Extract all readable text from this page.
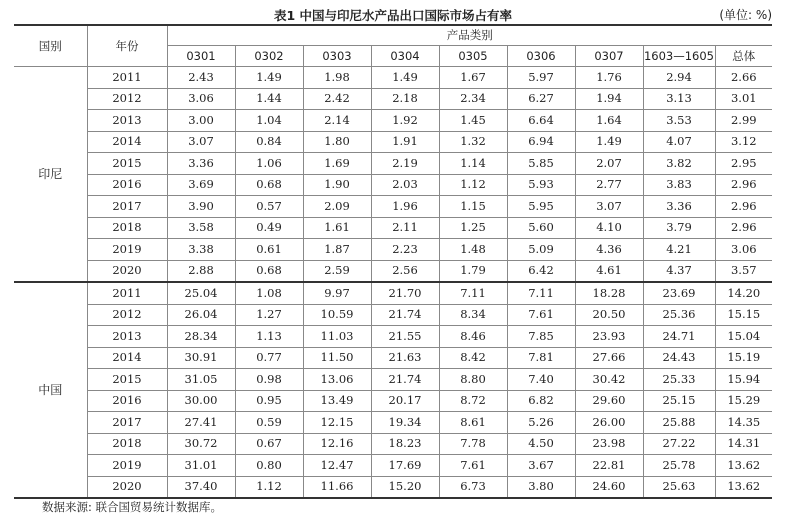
表1 中国与印尼水产品出口国际市场占有率	(单位: %)
国别	年份	产品类别								
		0301	0302	0303	0304	0305	0306	0307	1603—1605	总体
印尼	2011	2.43	1.49	1.98	1.49	1.67	5.97	1.76	2.94	2.66
	2012	3.06	1.44	2.42	2.18	2.34	6.27	1.94	3.13	3.01
	2013	3.00	1.04	2.14	1.92	1.45	6.64	1.64	3.53	2.99
	2014	3.07	0.84	1.80	1.91	1.32	6.94	1.49	4.07	3.12
	2015	3.36	1.06	1.69	2.19	1.14	5.85	2.07	3.82	2.95
	2016	3.69	0.68	1.90	2.03	1.12	5.93	2.77	3.83	2.96
	2017	3.90	0.57	2.09	1.96	1.15	5.95	3.07	3.36	2.96
	2018	3.58	0.49	1.61	2.11	1.25	5.60	4.10	3.79	2.96
	2019	3.38	0.61	1.87	2.23	1.48	5.09	4.36	4.21	3.06
	2020	2.88	0.68	2.59	2.56	1.79	6.42	4.61	4.37	3.57
中国	2011	25.04	1.08	9.97	21.70	7.11	7.11	18.28	23.69	14.20
	2012	26.04	1.27	10.59	21.74	8.34	7.61	20.50	25.36	15.15
	2013	28.34	1.13	11.03	21.55	8.46	7.85	23.93	24.71	15.04
	2014	30.91	0.77	11.50	21.63	8.42	7.81	27.66	24.43	15.19
	2015	31.05	0.98	13.06	21.74	8.80	7.40	30.42	25.33	15.94
	2016	30.00	0.95	13.49	20.17	8.72	6.82	29.60	25.15	15.29
	2017	27.41	0.59	12.15	19.34	8.61	5.26	26.00	25.88	14.35
	2018	30.72	0.67	12.16	18.23	7.78	4.50	23.98	27.22	14.31
	2019	31.01	0.80	12.47	17.69	7.61	3.67	22.81	25.78	13.62
	2020	37.40	1.12	11.66	15.20	6.73	3.80	24.60	25.63	13.62
数据来源: 联合国贸易统计数据库。
